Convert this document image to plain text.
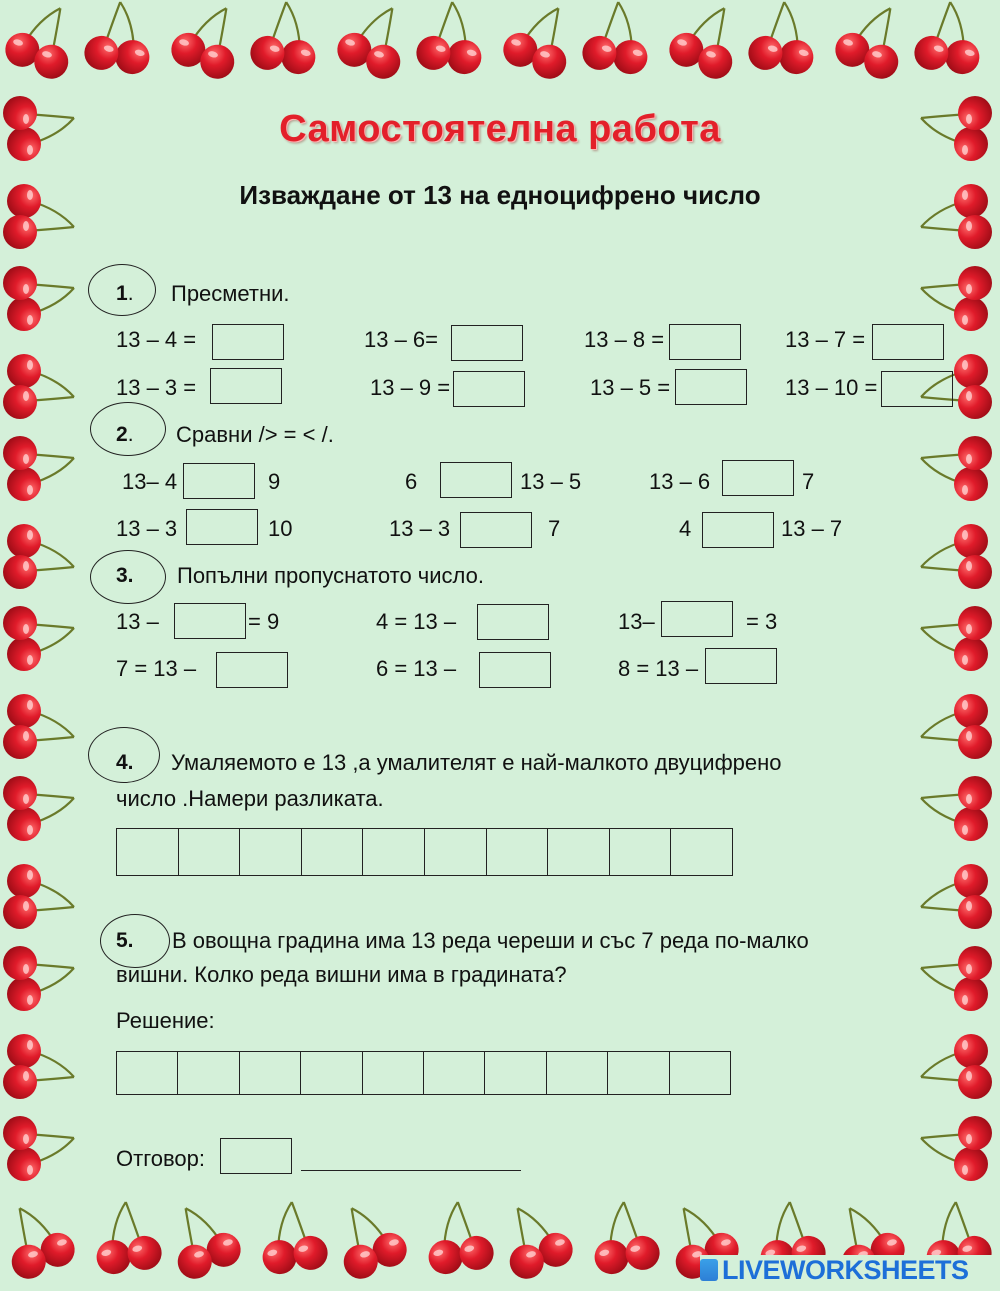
Самостоятелна работа
Изваждане от 13 на едноцифрено число
1. Пресметни.
13 – 4 =	13 – 6=	13 – 8 =	13 – 7 =
13 – 3 =	13 – 9 =	13 – 5 =	13 – 10 =
2. Сравни /> = < /.
13– 4	9	6	13 – 5	13 – 6	7
13 – 3	10	13 – 3	7	4	13 – 7
3. Попълни пропуснатото число.
13 –	= 9	4 = 13 –	13–	= 3
7 = 13 –	6 = 13 –	8 = 13 –
4. Умаляемото е 13 ,а умалителят е най-малкото двуцифрено
число .Намери разликата.
5. В овощна градина има 13 реда череши и със 7 реда по-малко
вишни. Колко реда вишни има в градината?
Решение:
Отговор:
LIVEWORKSHEETS
